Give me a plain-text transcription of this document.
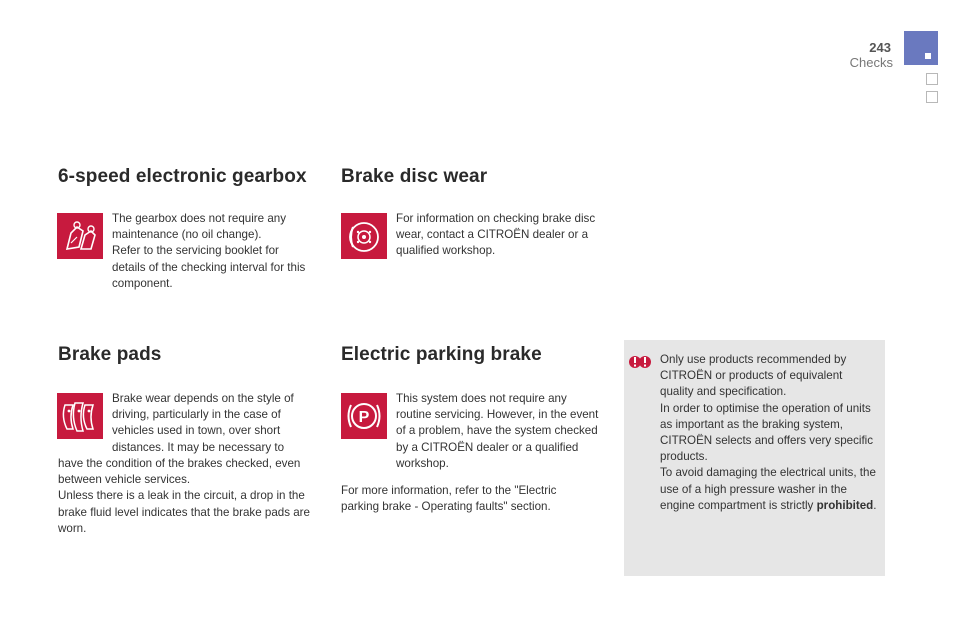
243
Checks
6-speed electronic gearbox
The gearbox does not require any maintenance (no oil change).
Refer to the servicing booklet for details of the checking interval for this component.
Brake disc wear
For information on checking brake disc wear, contact a CITROËN dealer or a qualified workshop.
Brake pads
Brake wear depends on the style of driving, particularly in the case of vehicles used in town, over short distances. It may be necessary to
have the condition of the brakes checked, even between vehicle services.
Unless there is a leak in the circuit, a drop in the brake fluid level indicates that the brake pads are worn.
Electric parking brake
P
This system does not require any routine servicing. However, in the event of a problem, have the system checked by a CITROËN dealer or a qualified workshop.
For more information, refer to the "Electric parking brake - Operating faults" section.
Only use products recommended by CITROËN or products of equivalent quality and specification.
In order to optimise the operation of units as important as the braking system, CITROËN selects and offers very specific products.
To avoid damaging the electrical units, the use of a high pressure washer in the engine compartment is strictly prohibited.
